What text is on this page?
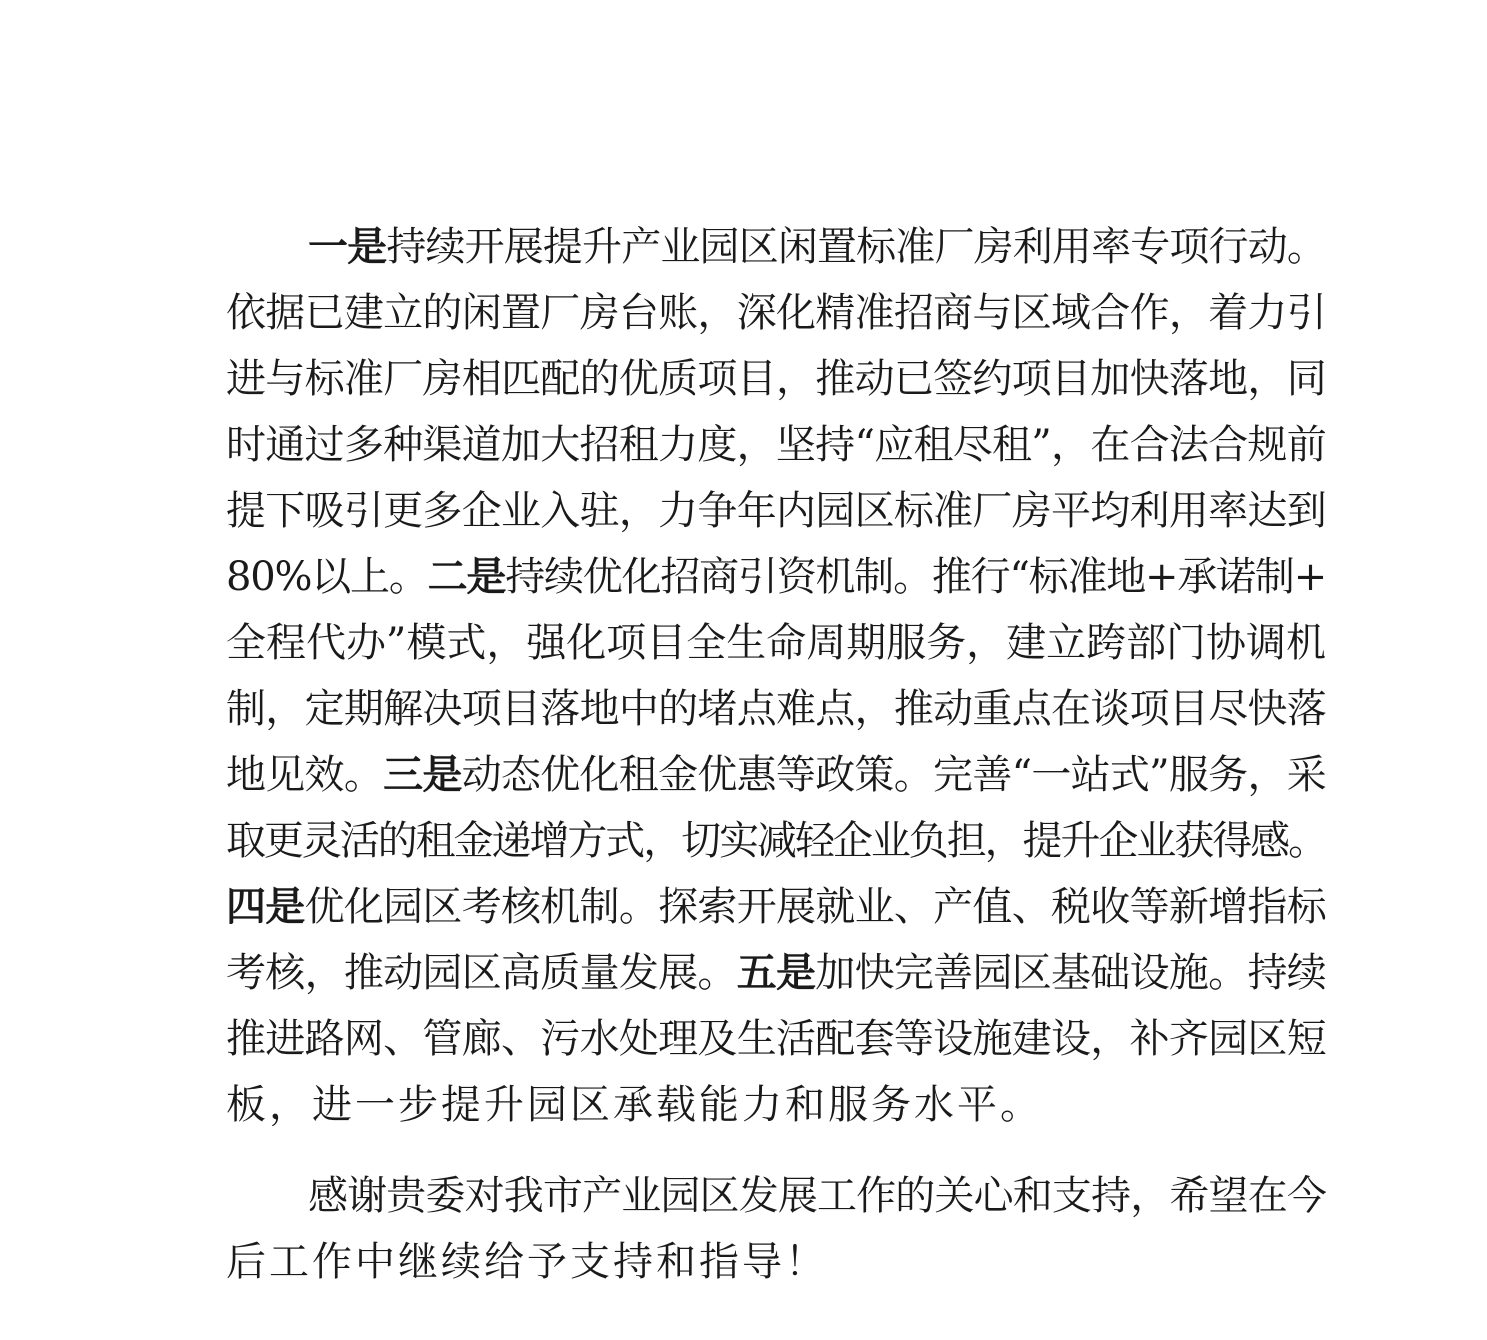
一是持续开展提升产业园区闲置标准厂房利用率专项行动。
依据已建立的闲置厂房台账，深化精准招商与区域合作，着力引
进与标准厂房相匹配的优质项目，推动已签约项目加快落地，同
时通过多种渠道加大招租力度，坚持“应租尽租”，在合法合规前
提下吸引更多企业入驻，力争年内园区标准厂房平均利用率达到
80%以上。二是持续优化招商引资机制。推行“标准地+承诺制+
全程代办”模式，强化项目全生命周期服务，建立跨部门协调机
制，定期解决项目落地中的堵点难点，推动重点在谈项目尽快落
地见效。三是动态优化租金优惠等政策。完善“一站式”服务，采
取更灵活的租金递增方式，切实减轻企业负担，提升企业获得感。
四是优化园区考核机制。探索开展就业、产值、税收等新增指标
考核，推动园区高质量发展。五是加快完善园区基础设施。持续
推进路网、管廊、污水处理及生活配套等设施建设，补齐园区短
板，进一步提升园区承载能力和服务水平。
感谢贵委对我市产业园区发展工作的关心和支持，希望在今
后工作中继续给予支持和指导！
